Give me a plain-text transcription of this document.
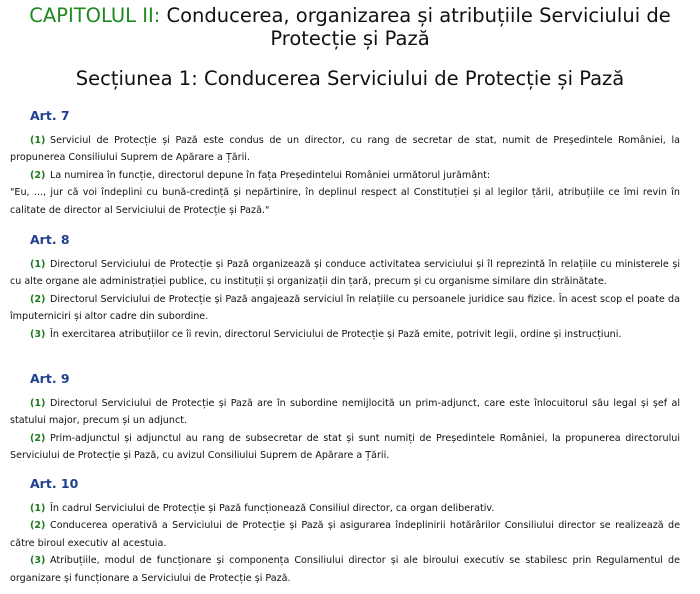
CAPITOLUL II: Conducerea, organizarea și atribuțiile Serviciului de Protecție și Pază
Secțiunea 1: Conducerea Serviciului de Protecție și Pază
Art. 7

(1) Serviciul de Protecție și Pază este condus de un director, cu rang de secretar de stat, numit de Președintele României, la propunerea Consiliului Suprem de Apărare a Țării.

(2) La numirea în funcție, directorul depune în fața Președintelui României următorul jurământ:

"Eu, ..., jur că voi îndeplini cu bună-credință și nepărtinire, în deplinul respect al Constituției și al legilor țării, atribuțiile ce îmi revin în calitate de director al Serviciului de Protecție și Pază."

Art. 8

(1) Directorul Serviciului de Protecție și Pază organizează și conduce activitatea serviciului și îl reprezintă în relațiile cu ministerele și cu alte organe ale administrației publice, cu instituții și organizații din țară, precum și cu organisme similare din străinătate.

(2) Directorul Serviciului de Protecție și Pază angajează serviciul în relațiile cu persoanele juridice sau fizice. În acest scop el poate da împuterniciri și altor cadre din subordine.

(3) În exercitarea atribuțiilor ce îi revin, directorul Serviciului de Protecție și Pază emite, potrivit legii, ordine și instrucțiuni.

Art. 9

(1) Directorul Serviciului de Protecție și Pază are în subordine nemijlocită un prim-adjunct, care este înlocuitorul său legal și șef al statului major, precum și un adjunct.

(2) Prim-adjunctul și adjunctul au rang de subsecretar de stat și sunt numiți de Președintele României, la propunerea directorului Serviciului de Protecție și Pază, cu avizul Consiliului Suprem de Apărare a Țării.

Art. 10

(1) În cadrul Serviciului de Protecție și Pază funcționează Consiliul director, ca organ deliberativ.

(2) Conducerea operativă a Serviciului de Protecție și Pază și asigurarea îndeplinirii hotărârilor Consiliului director se realizează de către biroul executiv al acestuia.

(3) Atribuțiile, modul de funcționare și componența Consiliului director și ale biroului executiv se stabilesc prin Regulamentul de organizare și funcționare a Serviciului de Protecție și Pază.
